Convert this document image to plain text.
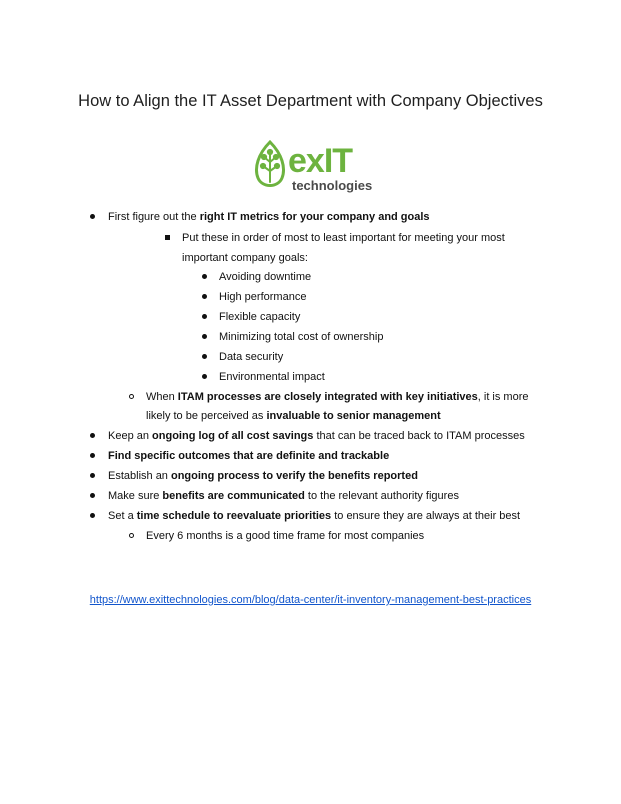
How to Align the IT Asset Department with Company Objectives
exIT
technologies
First figure out the right IT metrics for your company and goals
Put these in order of most to least important for meeting your most
important company goals:
Avoiding downtime
High performance
Flexible capacity
Minimizing total cost of ownership
Data security
Environmental impact
When ITAM processes are closely integrated with key initiatives, it is more
likely to be perceived as invaluable to senior management
Keep an ongoing log of all cost savings that can be traced back to ITAM processes
Find specific outcomes that are definite and trackable
Establish an ongoing process to verify the benefits reported
Make sure benefits are communicated to the relevant authority figures
Set a time schedule to reevaluate priorities to ensure they are always at their best
Every 6 months is a good time frame for most companies
https://www.exittechnologies.com/blog/data-center/it-inventory-management-best-practices
